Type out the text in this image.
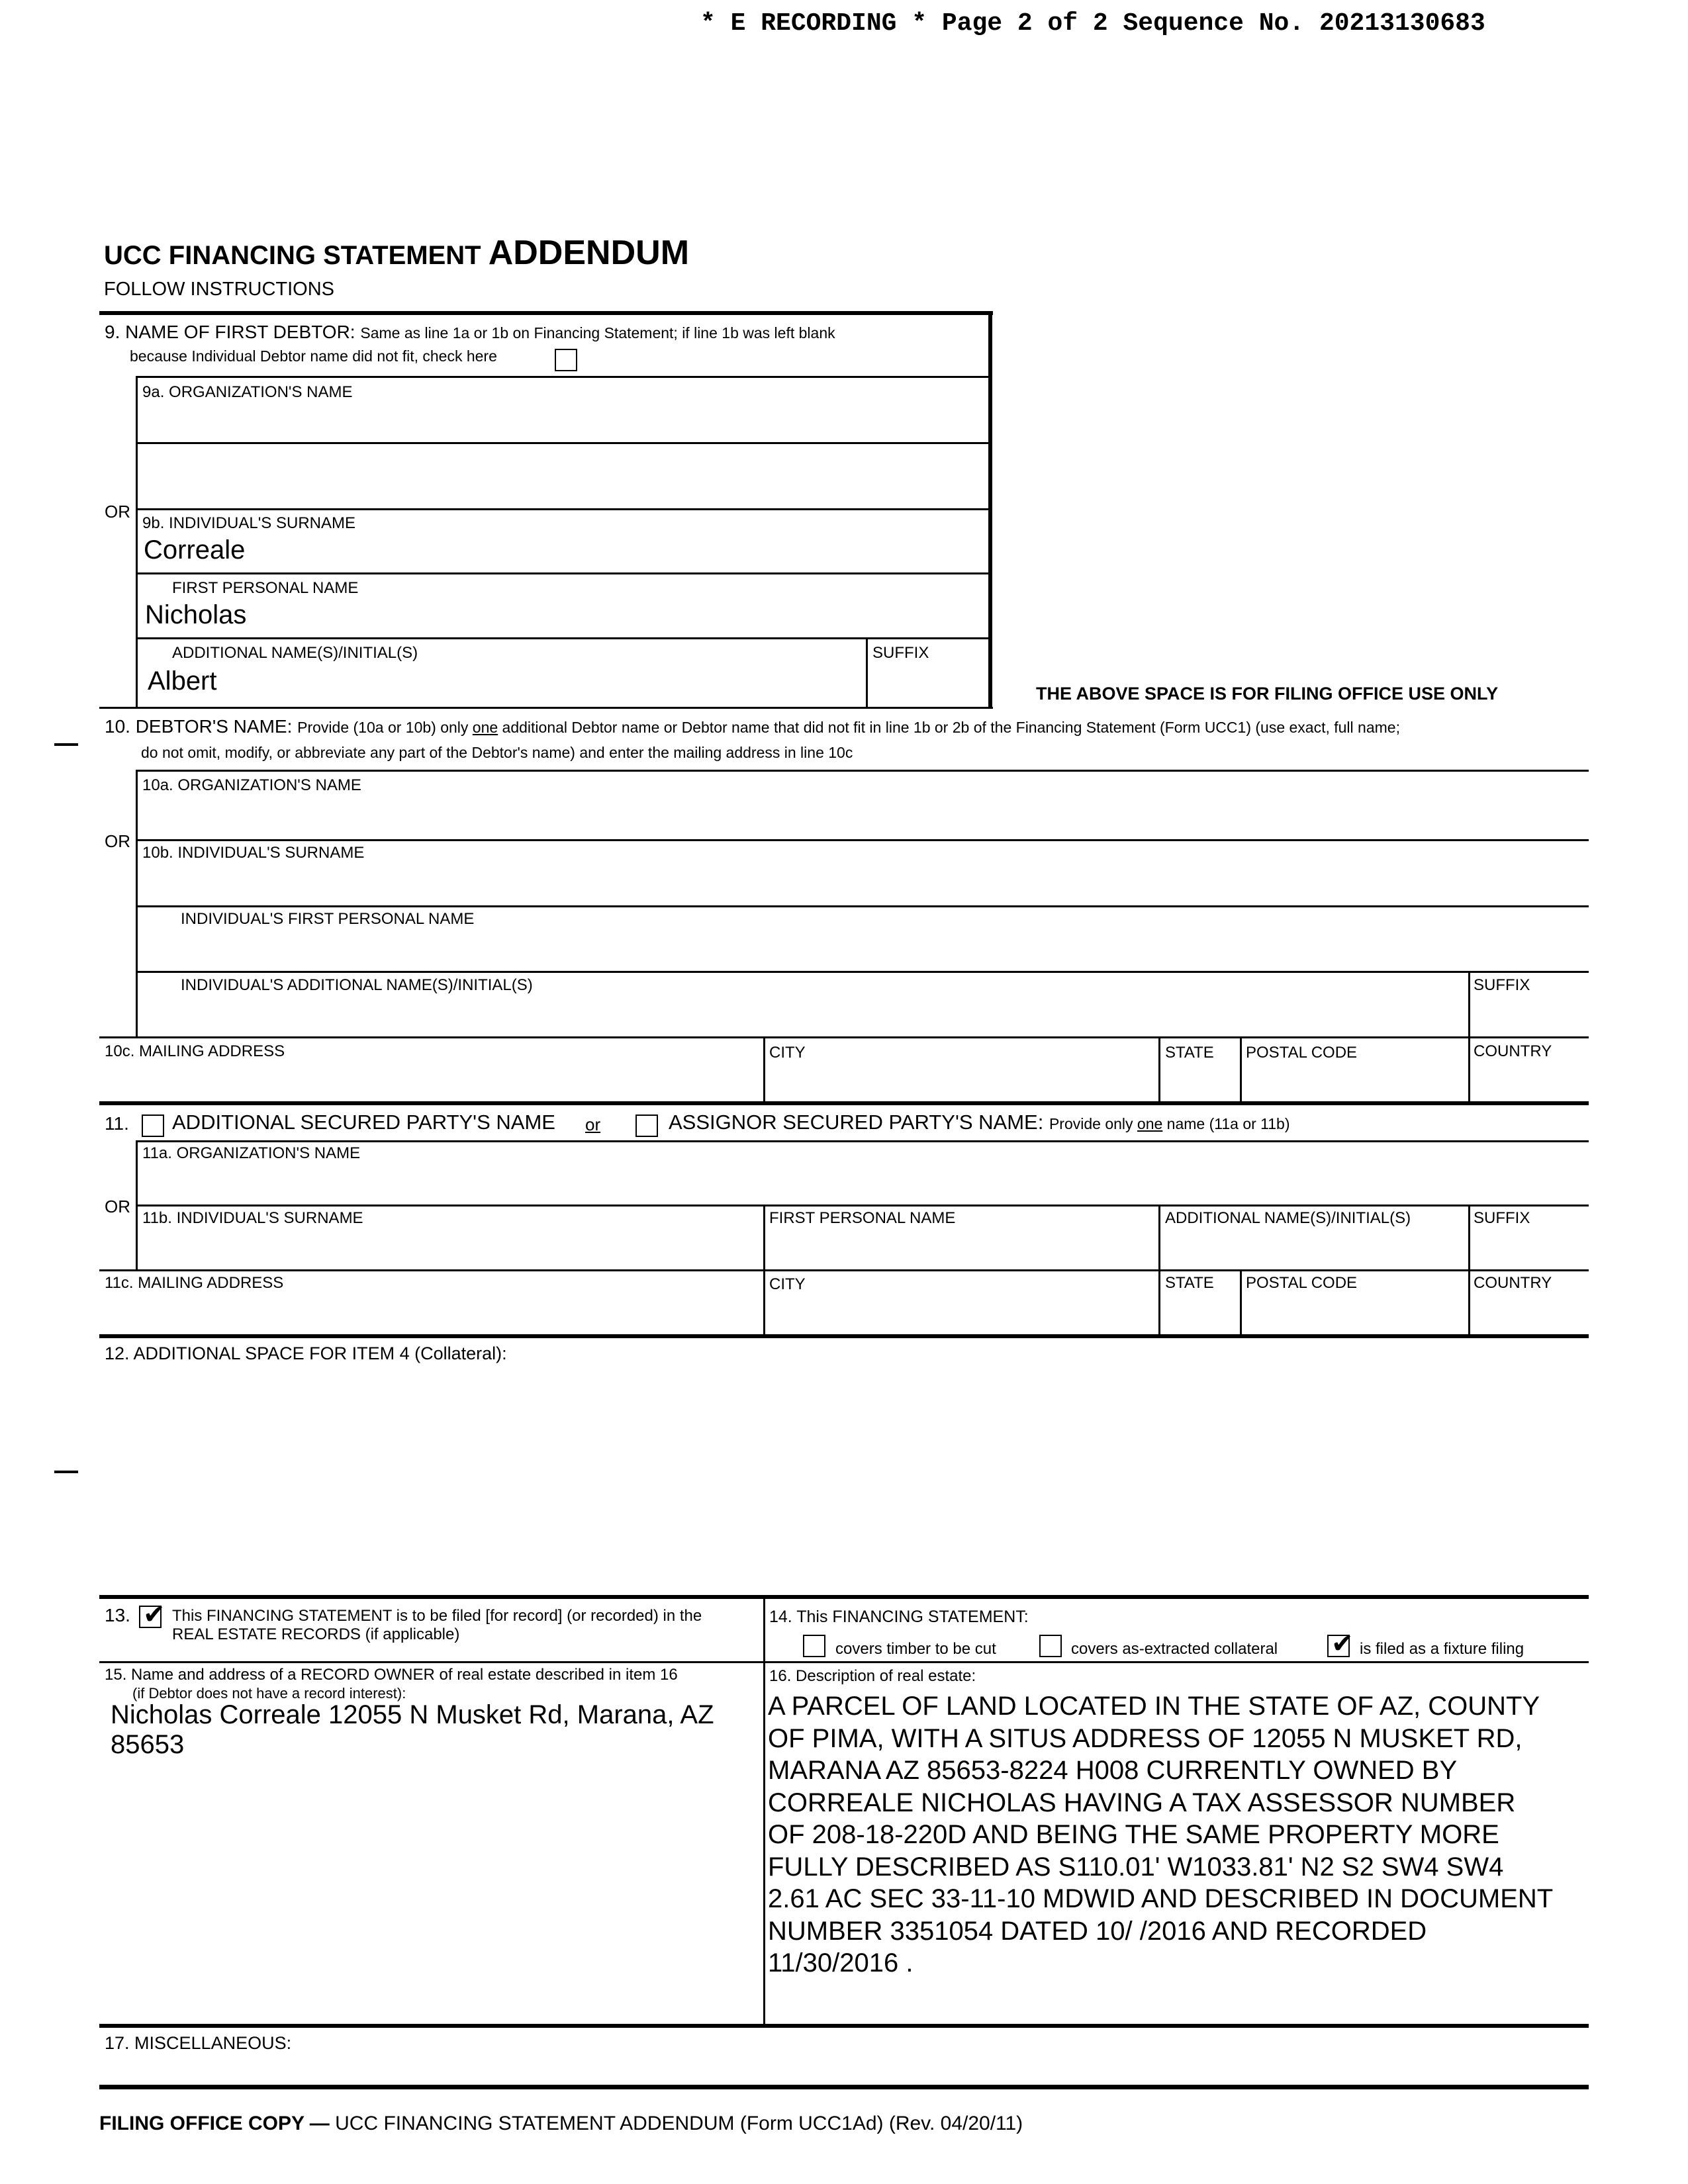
* E RECORDING * Page 2 of 2 Sequence No. 20213130683
UCC FINANCING STATEMENT ADDENDUM
FOLLOW INSTRUCTIONS
9. NAME OF FIRST DEBTOR: Same as line 1a or 1b on Financing Statement; if line 1b was left blank
because Individual Debtor name did not fit, check here
9a. ORGANIZATION'S NAME
OR
9b. INDIVIDUAL'S SURNAME
Correale
FIRST PERSONAL NAME
Nicholas
ADDITIONAL NAME(S)/INITIAL(S)
Albert
SUFFIX
THE ABOVE SPACE IS FOR FILING OFFICE USE ONLY
10. DEBTOR'S NAME: Provide (10a or 10b) only one additional Debtor name or Debtor name that did not fit in line 1b or 2b of the Financing Statement (Form UCC1) (use exact, full name;
do not omit, modify, or abbreviate any part of the Debtor's name) and enter the mailing address in line 10c
10a. ORGANIZATION'S NAME
OR
10b. INDIVIDUAL'S SURNAME
INDIVIDUAL'S FIRST PERSONAL NAME
INDIVIDUAL'S ADDITIONAL NAME(S)/INITIAL(S)	SUFFIX
10c. MAILING ADDRESS	CITY	STATE POSTAL CODE	COUNTRY
11. ADDITIONAL SECURED PARTY'S NAME or	ASSIGNOR SECURED PARTY'S NAME: Provide only one name (11a or 11b)
11a. ORGANIZATION'S NAME
OR
11b. INDIVIDUAL'S SURNAME	FIRST PERSONAL NAME	ADDITIONAL NAME(S)/INITIAL(S)	SUFFIX
11c. MAILING ADDRESS	CITY	STATE POSTAL CODE	COUNTRY
12. ADDITIONAL SPACE FOR ITEM 4 (Collateral):
13. ✔ This FINANCING STATEMENT is to be filed [for record] (or recorded) in the
REAL ESTATE RECORDS (if applicable)
14. This FINANCING STATEMENT:
covers timber to be cut	covers as-extracted collateral ✔ is filed as a fixture filing
15. Name and address of a RECORD OWNER of real estate described in item 16
(if Debtor does not have a record interest):
Nicholas Correale 12055 N Musket Rd, Marana, AZ
85653
16. Description of real estate:
A PARCEL OF LAND LOCATED IN THE STATE OF AZ, COUNTY
OF PIMA, WITH A SITUS ADDRESS OF 12055 N MUSKET RD,
MARANA AZ 85653-8224 H008 CURRENTLY OWNED BY
CORREALE NICHOLAS HAVING A TAX ASSESSOR NUMBER
OF 208-18-220D AND BEING THE SAME PROPERTY MORE
FULLY DESCRIBED AS S110.01' W1033.81' N2 S2 SW4 SW4
2.61 AC SEC 33-11-10 MDWID AND DESCRIBED IN DOCUMENT
NUMBER 3351054 DATED 10/ /2016 AND RECORDED
11/30/2016 .
17. MISCELLANEOUS:
FILING OFFICE COPY — UCC FINANCING STATEMENT ADDENDUM (Form UCC1Ad) (Rev. 04/20/11)
